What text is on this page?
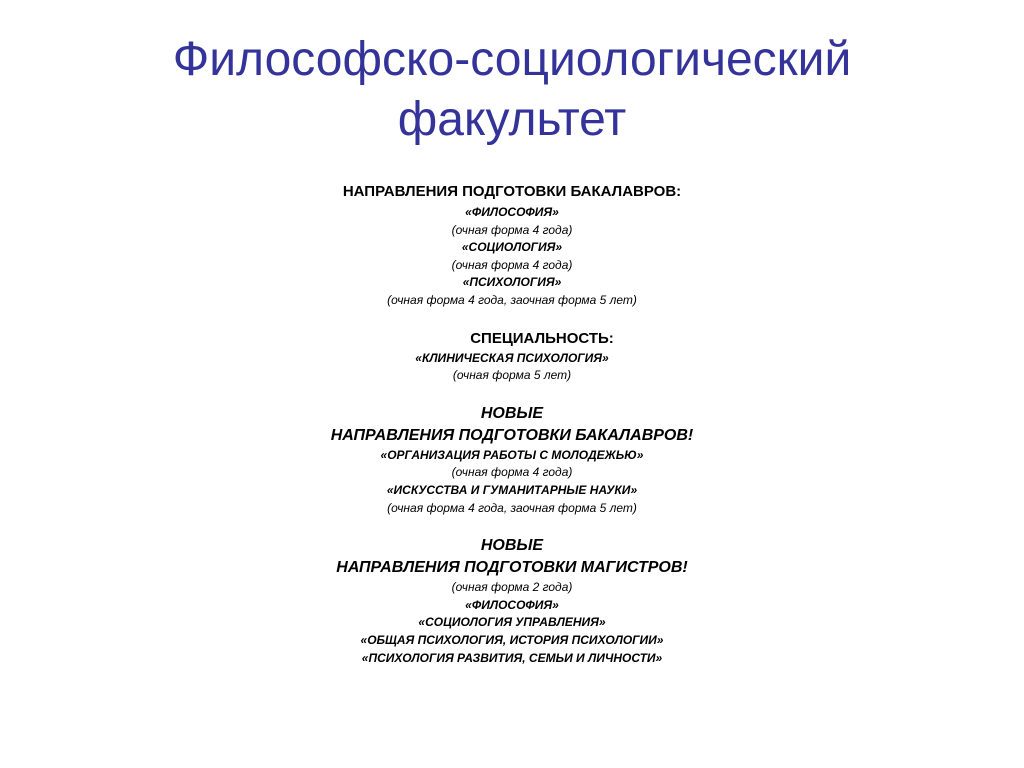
Философско-социологический
факультет

НАПРАВЛЕНИЯ ПОДГОТОВКИ БАКАЛАВРОВ:

«ФИЛОСОФИЯ»

(очная форма 4 года)

«СОЦИОЛОГИЯ»

(очная форма 4 года)

«ПСИХОЛОГИЯ»

(очная форма 4 года, заочная форма 5 лет)

СПЕЦИАЛЬНОСТЬ:

«КЛИНИЧЕСКАЯ ПСИХОЛОГИЯ»

(очная форма 5 лет)

НОВЫЕ

НАПРАВЛЕНИЯ ПОДГОТОВКИ БАКАЛАВРОВ!

«ОРГАНИЗАЦИЯ РАБОТЫ С МОЛОДЕЖЬЮ»

(очная форма 4 года)

«ИСКУССТВА И ГУМАНИТАРНЫЕ НАУКИ»

(очная форма 4 года, заочная форма 5 лет)

НОВЫЕ

НАПРАВЛЕНИЯ ПОДГОТОВКИ МАГИСТРОВ!

(очная форма 2 года)

«ФИЛОСОФИЯ»

«СОЦИОЛОГИЯ УПРАВЛЕНИЯ»

«ОБЩАЯ ПСИХОЛОГИЯ, ИСТОРИЯ ПСИХОЛОГИИ»

«ПСИХОЛОГИЯ РАЗВИТИЯ, СЕМЬИ И ЛИЧНОСТИ»
